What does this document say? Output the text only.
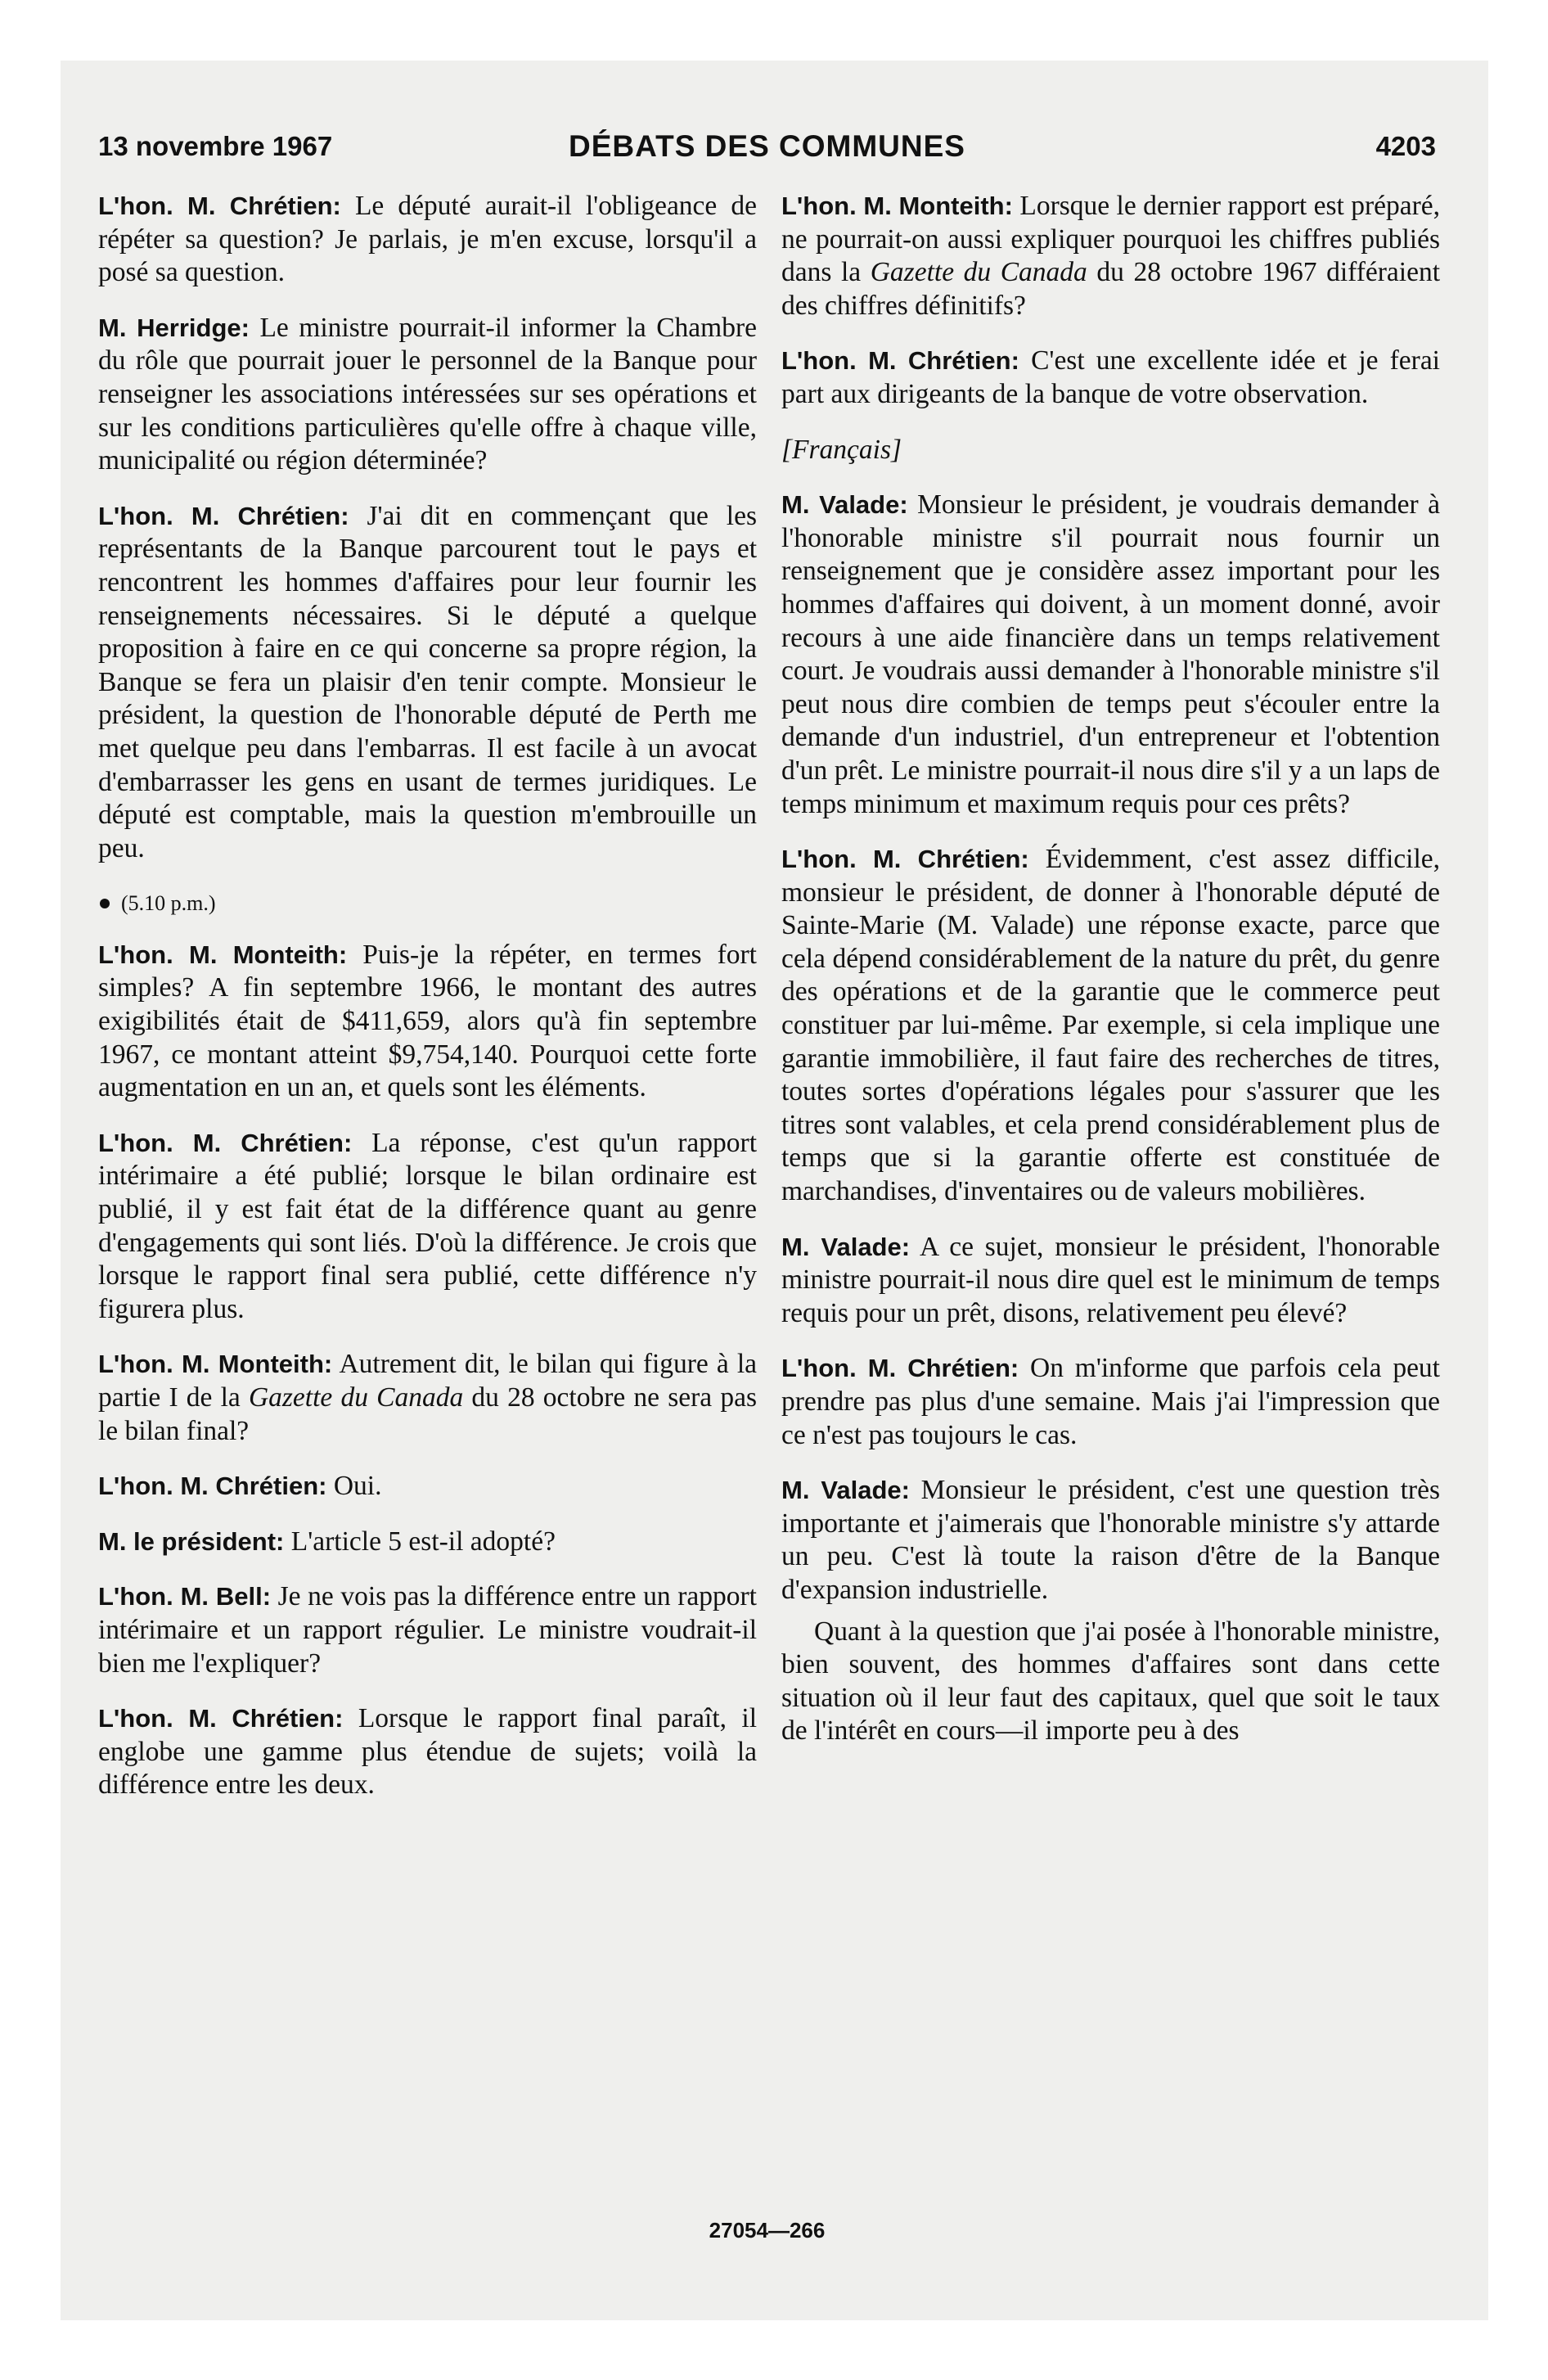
13 novembre 1967	DÉBATS DES COMMUNES	4203

L'hon. M. Chrétien: Le député aurait-il l'obligeance de répéter sa question? Je parlais, je m'en excuse, lorsqu'il a posé sa question.

M. Herridge: Le ministre pourrait-il informer la Chambre du rôle que pourrait jouer le personnel de la Banque pour renseigner les associations intéressées sur ses opérations et sur les conditions particulières qu'elle offre à chaque ville, municipalité ou région déterminée?

L'hon. M. Chrétien: J'ai dit en commençant que les représentants de la Banque parcourent tout le pays et rencontrent les hommes d'affaires pour leur fournir les renseignements nécessaires. Si le député a quelque proposition à faire en ce qui concerne sa propre région, la Banque se fera un plaisir d'en tenir compte. Monsieur le président, la question de l'honorable député de Perth me met quelque peu dans l'embarras. Il est facile à un avocat d'embarrasser les gens en usant de termes juridiques. Le député est comptable, mais la question m'embrouille un peu.

(5.10 p.m.)

L'hon. M. Monteith: Puis-je la répéter, en termes fort simples? A fin septembre 1966, le montant des autres exigibilités était de $411,659, alors qu'à fin septembre 1967, ce montant atteint $9,754,140. Pourquoi cette forte augmentation en un an, et quels sont les éléments.

L'hon. M. Chrétien: La réponse, c'est qu'un rapport intérimaire a été publié; lorsque le bilan ordinaire est publié, il y est fait état de la différence quant au genre d'engagements qui sont liés. D'où la différence. Je crois que lorsque le rapport final sera publié, cette différence n'y figurera plus.

L'hon. M. Monteith: Autrement dit, le bilan qui figure à la partie I de la Gazette du Canada du 28 octobre ne sera pas le bilan final?

L'hon. M. Chrétien: Oui.

M. le président: L'article 5 est-il adopté?

L'hon. M. Bell: Je ne vois pas la différence entre un rapport intérimaire et un rapport régulier. Le ministre voudrait-il bien me l'expliquer?

L'hon. M. Chrétien: Lorsque le rapport final paraît, il englobe une gamme plus étendue de sujets; voilà la différence entre les deux.

L'hon. M. Monteith: Lorsque le dernier rapport est préparé, ne pourrait-on aussi expliquer pourquoi les chiffres publiés dans la Gazette du Canada du 28 octobre 1967 différaient des chiffres définitifs?

L'hon. M. Chrétien: C'est une excellente idée et je ferai part aux dirigeants de la banque de votre observation.

[Français]

M. Valade: Monsieur le président, je voudrais demander à l'honorable ministre s'il pourrait nous fournir un renseignement que je considère assez important pour les hommes d'affaires qui doivent, à un moment donné, avoir recours à une aide financière dans un temps relativement court. Je voudrais aussi demander à l'honorable ministre s'il peut nous dire combien de temps peut s'écouler entre la demande d'un industriel, d'un entrepreneur et l'obtention d'un prêt. Le ministre pourrait-il nous dire s'il y a un laps de temps minimum et maximum requis pour ces prêts?

L'hon. M. Chrétien: Évidemment, c'est assez difficile, monsieur le président, de donner à l'honorable député de Sainte-Marie (M. Valade) une réponse exacte, parce que cela dépend considérablement de la nature du prêt, du genre des opérations et de la garantie que le commerce peut constituer par lui-même. Par exemple, si cela implique une garantie immobilière, il faut faire des recherches de titres, toutes sortes d'opérations légales pour s'assurer que les titres sont valables, et cela prend considérablement plus de temps que si la garantie offerte est constituée de marchandises, d'inventaires ou de valeurs mobilières.

M. Valade: A ce sujet, monsieur le président, l'honorable ministre pourrait-il nous dire quel est le minimum de temps requis pour un prêt, disons, relativement peu élevé?

L'hon. M. Chrétien: On m'informe que parfois cela peut prendre pas plus d'une semaine. Mais j'ai l'impression que ce n'est pas toujours le cas.

M. Valade: Monsieur le président, c'est une question très importante et j'aimerais que l'honorable ministre s'y attarde un peu. C'est là toute la raison d'être de la Banque d'expansion industrielle.

Quant à la question que j'ai posée à l'honorable ministre, bien souvent, des hommes d'affaires sont dans cette situation où il leur faut des capitaux, quel que soit le taux de l'intérêt en cours—il importe peu à des

27054—266
